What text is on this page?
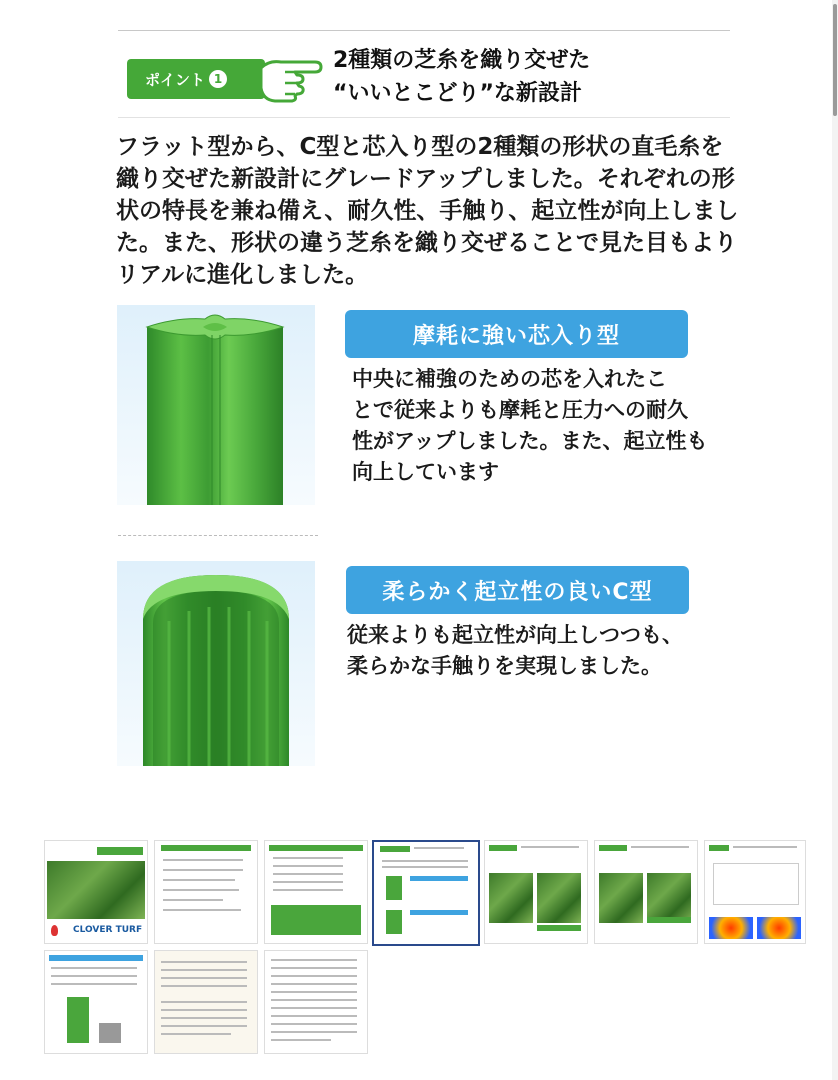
ポイント 1
2種類の芝糸を織り交ぜた
“いいとこどり”な新設計
フラット型から、C型と芯入り型の2種類の形状の直毛糸を
織り交ぜた新設計にグレードアップしました。それぞれの形
状の特長を兼ね備え、耐久性、手触り、起立性が向上しまし
た。また、形状の違う芝糸を織り交ぜることで見た目もより
リアルに進化しました。
摩耗に強い芯入り型
中央に補強のための芯を入れたこ
とで従来よりも摩耗と圧力への耐久
性がアップしました。また、起立性も
向上しています
柔らかく起立性の良いC型
従来よりも起立性が向上しつつも、
柔らかな手触りを実現しました。
CLOVER TURF
